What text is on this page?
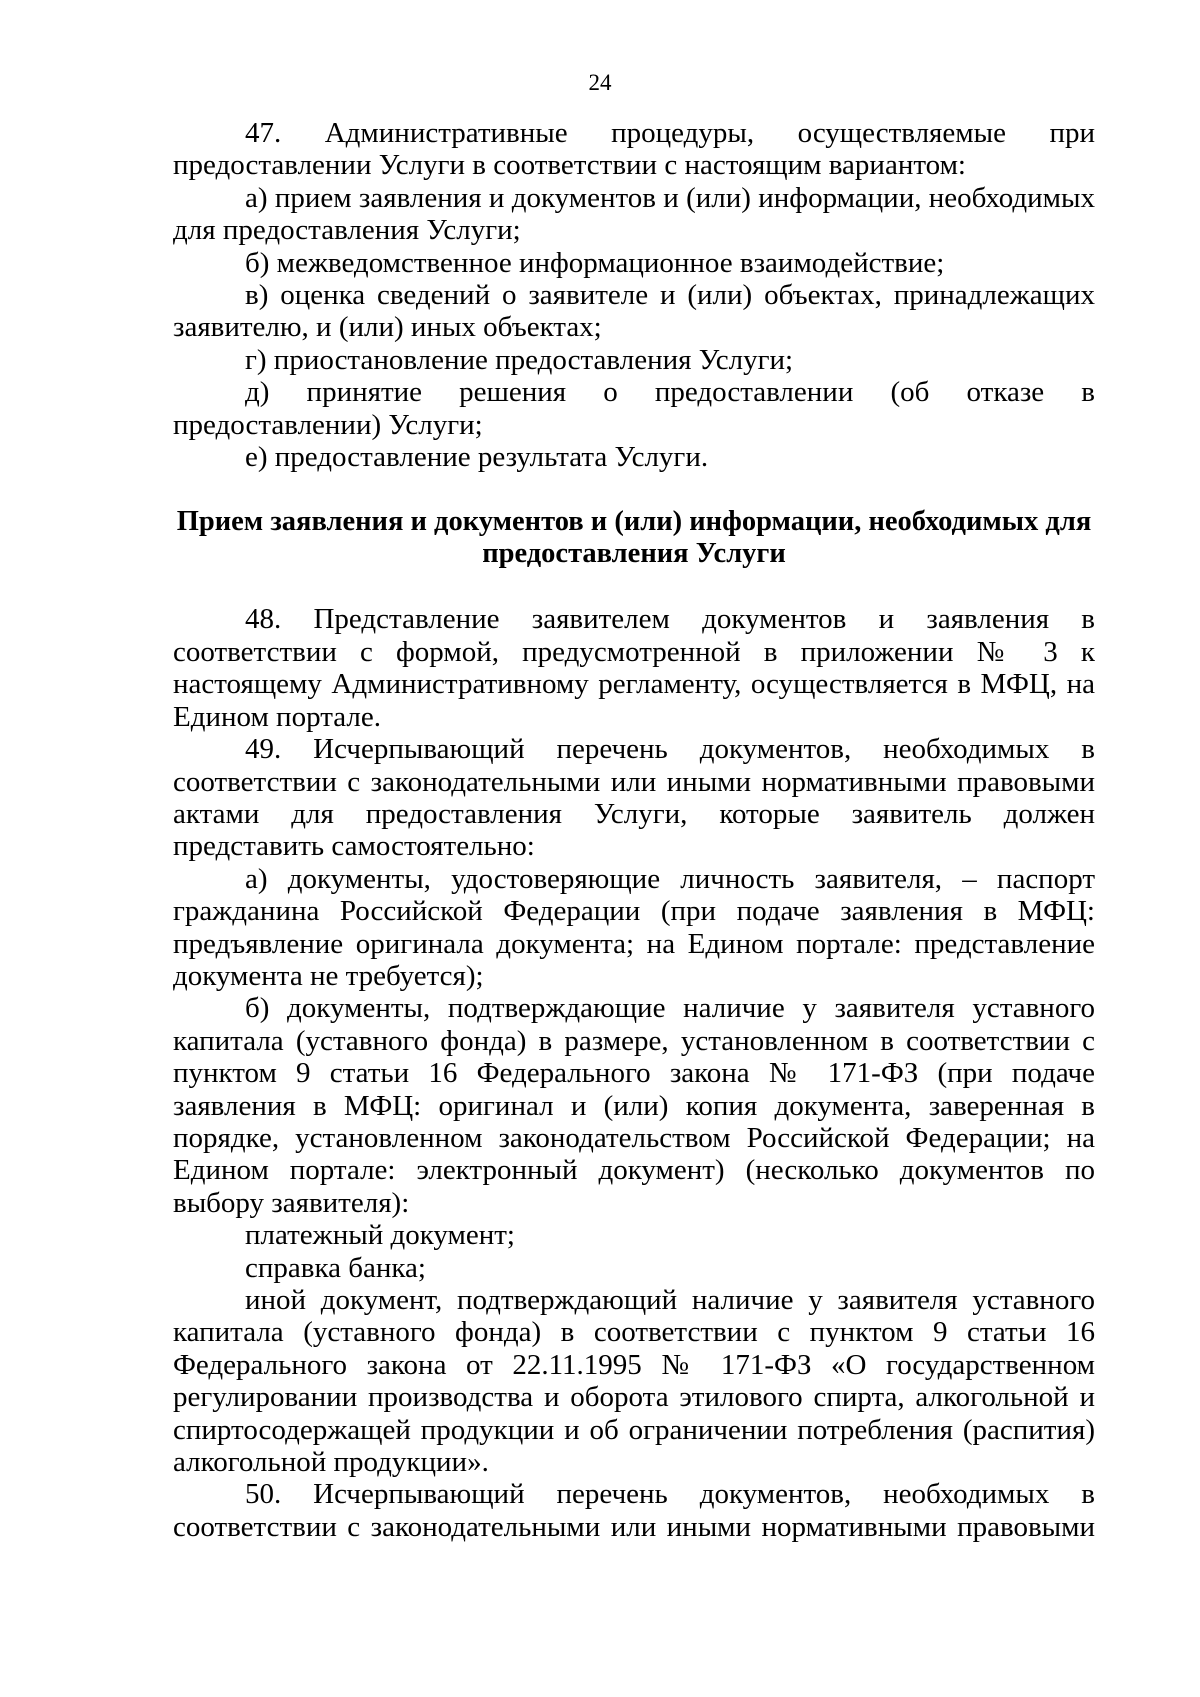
24

47. Административные процедуры, осуществляемые при предоставлении Услуги в соответствии с настоящим вариантом:

а) прием заявления и документов и (или) информации, необходимых для предоставления Услуги;

б) межведомственное информационное взаимодействие;

в) оценка сведений о заявителе и (или) объектах, принадлежащих заявителю, и (или) иных объектах;

г) приостановление предоставления Услуги;

д) принятие решения о предоставлении (об отказе в предоставлении) Услуги;

е) предоставление результата Услуги.

Прием заявления и документов и (или) информации, необходимых для предоставления Услуги

48. Представление заявителем документов и заявления в соответствии с формой, предусмотренной в приложении № 3 к настоящему Административному регламенту, осуществляется в МФЦ, на Едином портале.

49. Исчерпывающий перечень документов, необходимых в соответствии с законодательными или иными нормативными правовыми актами для предоставления Услуги, которые заявитель должен представить самостоятельно:

а) документы, удостоверяющие личность заявителя, – паспорт гражданина Российской Федерации (при подаче заявления в МФЦ: предъявление оригинала документа; на Едином портале: представление документа не требуется);

б) документы, подтверждающие наличие у заявителя уставного капитала (уставного фонда) в размере, установленном в соответствии с пунктом 9 статьи 16 Федерального закона № 171-ФЗ (при подаче заявления в МФЦ: оригинал и (или) копия документа, заверенная в порядке, установленном законодательством Российской Федерации; на Едином портале: электронный документ) (несколько документов по выбору заявителя):

платежный документ;

справка банка;

иной документ, подтверждающий наличие у заявителя уставного капитала (уставного фонда) в соответствии с пунктом 9 статьи 16 Федерального закона от 22.11.1995 № 171-ФЗ «О государственном регулировании производства и оборота этилового спирта, алкогольной и спиртосодержащей продукции и об ограничении потребления (распития) алкогольной продукции».

50. Исчерпывающий перечень документов, необходимых в соответствии с законодательными или иными нормативными правовыми
